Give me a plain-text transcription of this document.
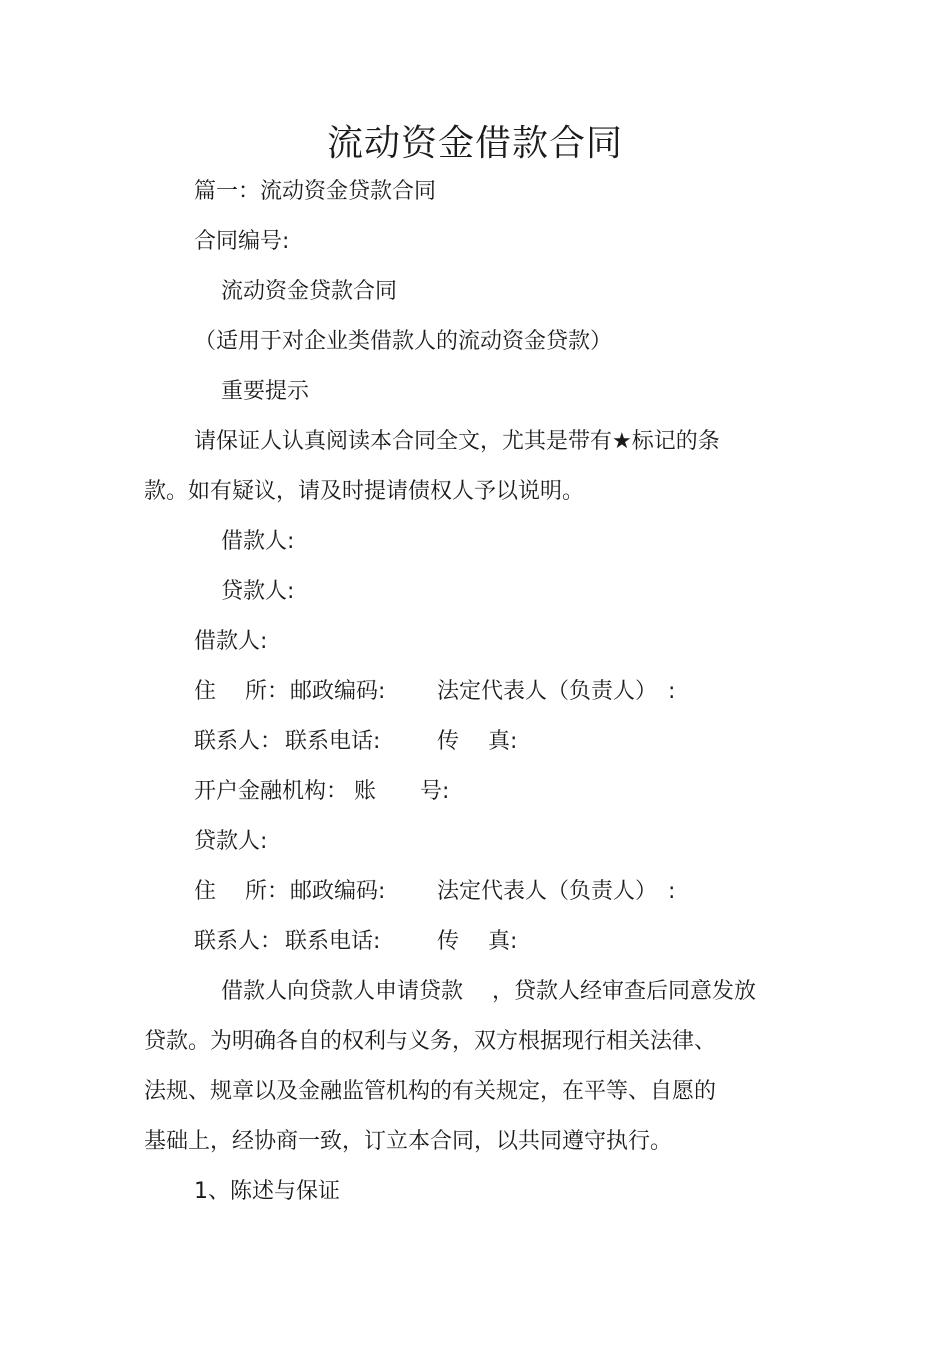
流动资金借款合同
篇一：流动资金贷款合同
合同编号:
流动资金贷款合同
（适用于对企业类借款人的流动资金贷款）
重要提示
请保证人认真阅读本合同全文，尤其是带有★标记的条
款。如有疑议，请及时提请债权人予以说明。
借款人:
贷款人:
借款人:
住　 所： 邮政编码: 法定代表人（负责人）　:
联系人： 联系电话:	传　 真:
开户金融机构： 账　　号:
贷款人:
住　 所： 邮政编码: 法定代表人（负责人）　:
联系人： 联系电话:	传　 真:
借款人向贷款人申请贷款　 ，贷款人经审查后同意发放
贷款。为明确各自的权利与义务，双方根据现行相关法律、
法规、规章以及金融监管机构的有关规定，在平等、自愿的
基础上，经协商一致，订立本合同，以共同遵守执行。
1、陈述与保证
